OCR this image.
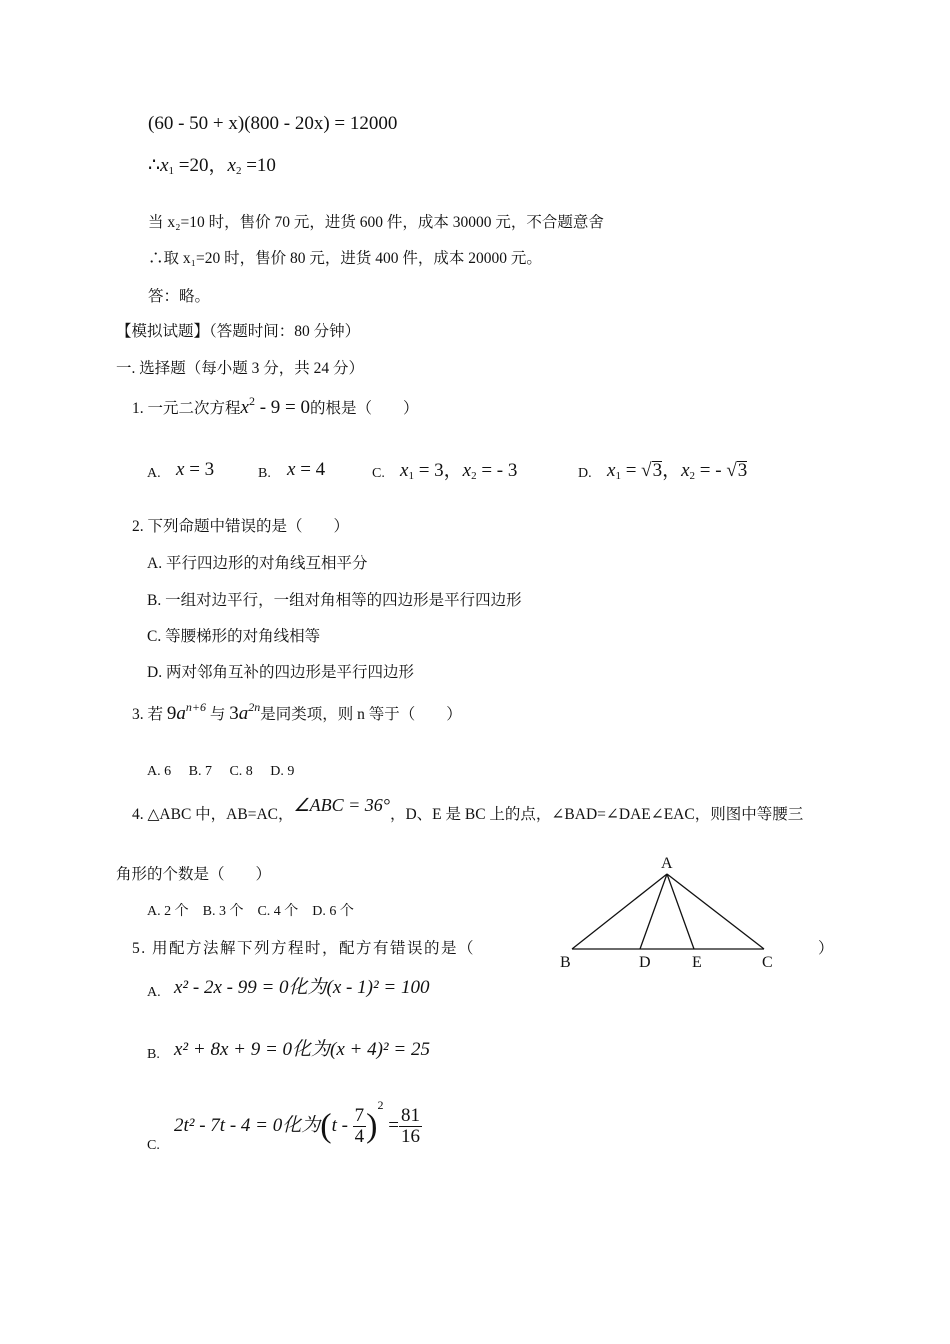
(60 - 50 + x)(800 - 20x) = 12000
$\therefore x_1 =20$，$x_2 =10$
当 x₂=10 时，售价 70 元，进货 600 件，成本 30000 元，不合题意舍
∴取 x₁=20 时，售价 80 元，进货 400 件，成本 20000 元。
答：略。
【模拟试题】（答题时间：80 分钟）
一. 选择题（每小题 3 分，共 24 分）
1. 一元二次方程$x^2 - 9 = 0$的根是（　　）
A. x = 3	B. x = 4	C. $x_1 = 3$，$x_2$ = - 3	D. $x_1 = √3$，$x_2$ = - √3
2. 下列命题中错误的是（　　）
A. 平行四边形的对角线互相平分
B. 一组对边平行，一组对角相等的四边形是平行四边形
C. 等腰梯形的对角线相等
D. 两对邻角互补的四边形是平行四边形
3. 若 $9a^{n+6}$ 与 $3a^{2n}$是同类项，则 n 等于（　　）
A. 6　 B. 7　 C. 8　 D. 9
4. △ABC 中，AB=AC，∠ABC = 36°，D、E 是 BC 上的点，∠BAD=∠DAE∠EAC，则图中等腰三
角形的个数是（　　）
A. 2 个　B. 3 个　C. 4 个　D. 6 个
A
B	D	E	C
5. 用配方法解下列方程时，配方有错误的是（	）
A. x² - 2x - 99 = 0化为(x - 1)² = 100
B. x² + 8x + 9 = 0化为(x + 4)² = 25
C.
2t² - 7t - 4 = 0化为$(t - \frac{7}{4} )^2 = \frac{81}{16}$
